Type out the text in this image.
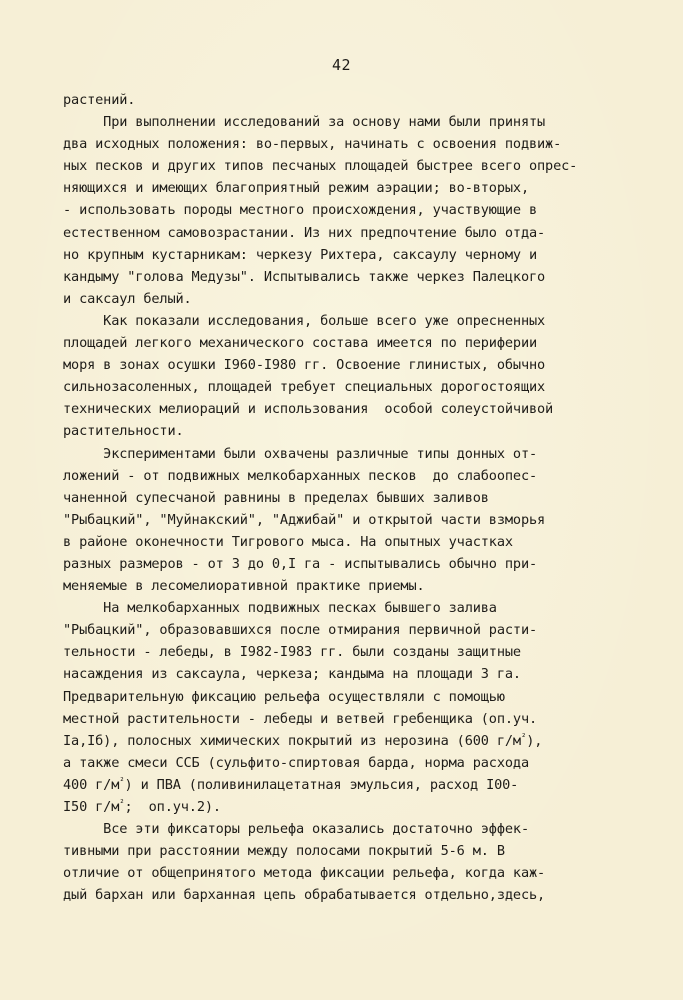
42
растений.
При выполнении исследований за основу нами были приняты
два исходных положения: во-первых, начинать с освоения подвиж-
ных песков и других типов песчаных площадей быстрее всего опрес-
няющихся и имеющих благоприятный режим аэрации; во-вторых,
- использовать породы местного происхождения, участвующие в
естественном самовозрастании. Из них предпочтение было отда-
но крупным кустарникам: черкезу Рихтера, саксаулу черному и
кандыму "голова Медузы". Испытывались также черкез Палецкого
и саксаул белый.
Как показали исследования, больше всего уже опресненных
площадей легкого механического состава имеется по периферии
моря в зонах осушки I960-I980 гг. Освоение глинистых, обычно
сильнозасоленных, площадей требует специальных дорогостоящих
технических мелиораций и использования  особой солеустойчивой
растительности.
Экспериментами были охвачены различные типы донных от-
ложений - от подвижных мелкобарханных песков  до слабоопес-
чаненной супесчаной равнины в пределах бывших заливов
"Рыбацкий", "Муйнакский", "Аджибай" и открытой части взморья
в районе оконечности Тигрового мыса. На опытных участках
разных размеров - от 3 до 0,I га - испытывались обычно при-
меняемые в лесомелиоративной практике приемы.
На мелкобарханных подвижных песках бывшего залива
"Рыбацкий", образовавшихся после отмирания первичной расти-
тельности - лебеды, в I982-I983 гг. были созданы защитные
насаждения из саксаула, черкеза; кандыма на площади 3 га.
Предварительную фиксацию рельефа осуществляли с помощью
местной растительности - лебеды и ветвей гребенщика (оп.уч.
Iа,Iб), полосных химических покрытий из нерозина (600 $г/м^{^2}$),
а также смеси ССБ (сульфито-спиртовая барда, норма расхода
400 $г/м^{^2}$) и ПВА (поливинилацетатная эмульсия, расход I00-
I50 $г/м^{^2}$;  оп.уч.2).
Все эти фиксаторы рельефа оказались достаточно эффек-
тивными при расстоянии между полосами покрытий 5-6 м. В
отличие от общепринятого метода фиксации рельефа, когда каж-
дый бархан или барханная цепь обрабатывается отдельно,здесь,
